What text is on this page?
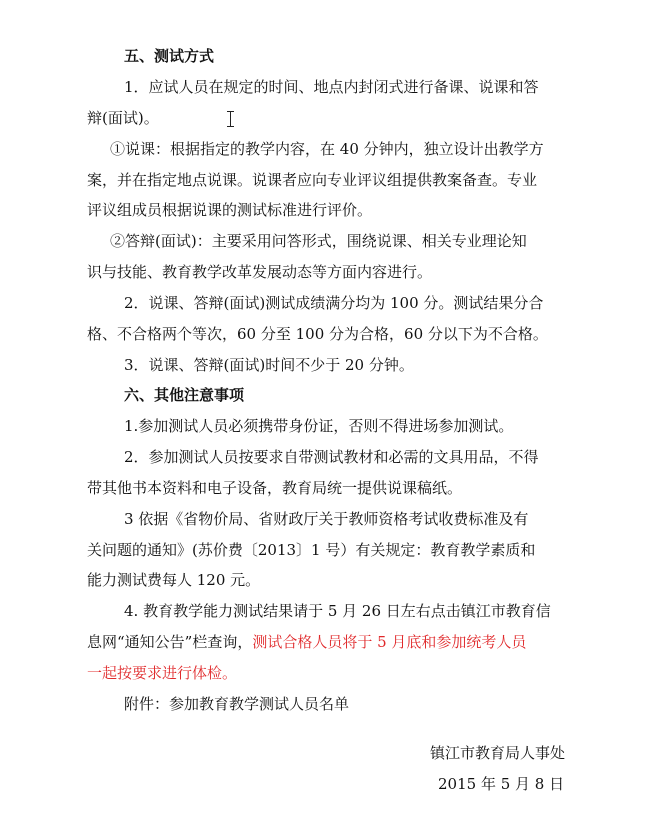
五、测试方式
1．应试人员在规定的时间、地点内封闭式进行备课、说课和答
辩(面试)。
①说课：根据指定的教学内容，在 40 分钟内，独立设计出教学方
案，并在指定地点说课。说课者应向专业评议组提供教案备查。专业
评议组成员根据说课的测试标准进行评价。
②答辩(面试)：主要采用问答形式，围绕说课、相关专业理论知
识与技能、教育教学改革发展动态等方面内容进行。
2．说课、答辩(面试)测试成绩满分均为 100 分。测试结果分合
格、不合格两个等次，60 分至 100 分为合格，60 分以下为不合格。
3．说课、答辩(面试)时间不少于 20 分钟。
六、其他注意事项
1.参加测试人员必须携带身份证，否则不得进场参加测试。
2．参加测试人员按要求自带测试教材和必需的文具用品，不得
带其他书本资料和电子设备，教育局统一提供说课稿纸。
3 依据《省物价局、省财政厅关于教师资格考试收费标准及有
关问题的通知》(苏价费〔2013〕1 号）有关规定：教育教学素质和
能力测试费每人 120 元。
4. 教育教学能力测试结果请于 5 月 26 日左右点击镇江市教育信
息网“通知公告”栏查询，测试合格人员将于 5 月底和参加统考人员
一起按要求进行体检。
附件：参加教育教学测试人员名单
镇江市教育局人事处
2015 年 5 月 8 日
